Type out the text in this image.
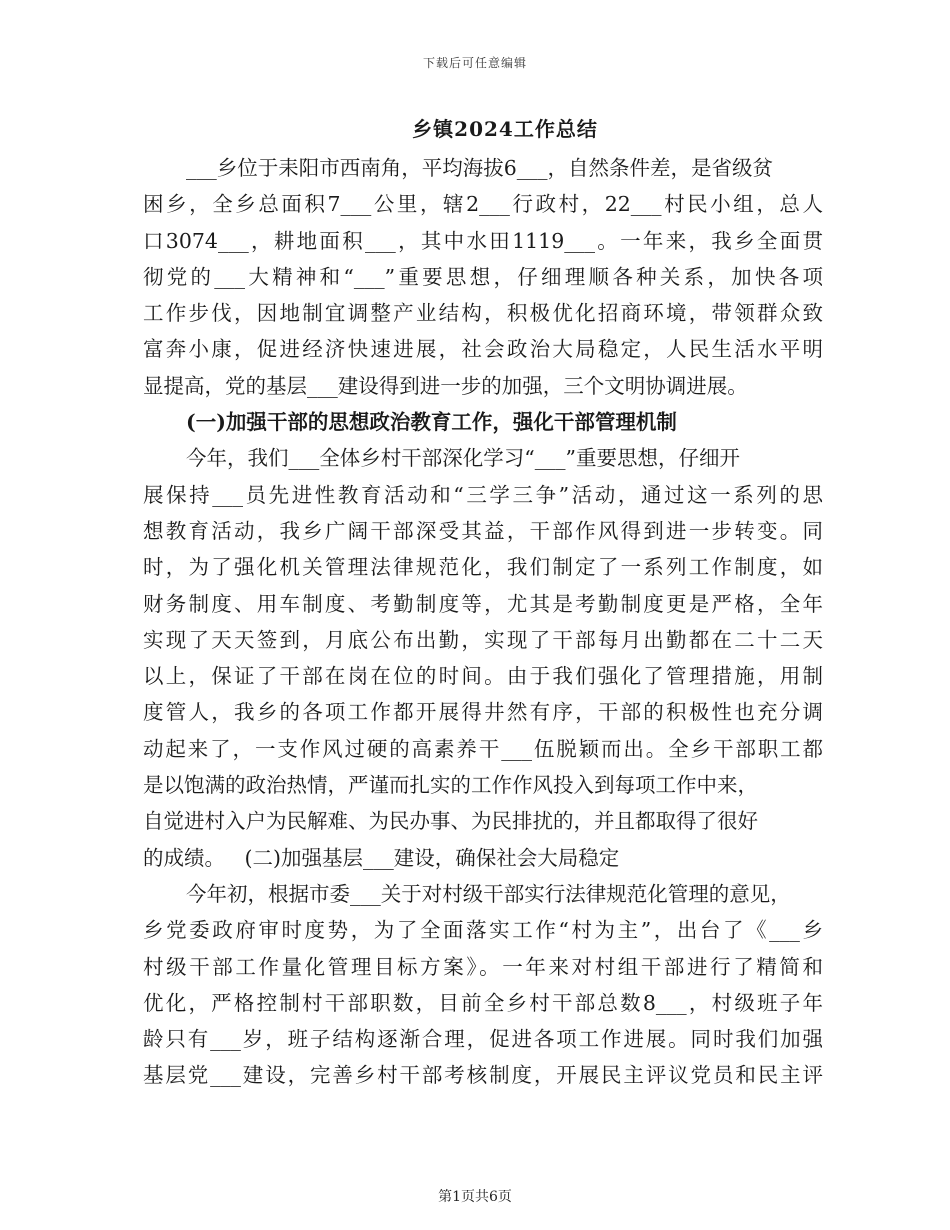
下载后可任意编辑
乡镇2024工作总结
___乡位于耒阳市西南角，平均海拔6___，自然条件差，是省级贫
困乡，全乡总面积7___公里，辖2___行政村，22___村民小组，总人
口3074___，耕地面积___，其中水田1119___。一年来，我乡全面贯
彻党的___大精神和“___”重要思想，仔细理顺各种关系，加快各项
工作步伐，因地制宜调整产业结构，积极优化招商环境，带领群众致
富奔小康，促进经济快速进展，社会政治大局稳定，人民生活水平明
显提高，党的基层___建设得到进一步的加强，三个文明协调进展。
(一)加强干部的思想政治教育工作，强化干部管理机制
今年，我们___全体乡村干部深化学习“___”重要思想，仔细开
展保持___员先进性教育活动和“三学三争”活动，通过这一系列的思
想教育活动，我乡广阔干部深受其益，干部作风得到进一步转变。同
时，为了强化机关管理法律规范化，我们制定了一系列工作制度，如
财务制度、用车制度、考勤制度等，尤其是考勤制度更是严格，全年
实现了天天签到，月底公布出勤，实现了干部每月出勤都在二十二天
以上，保证了干部在岗在位的时间。由于我们强化了管理措施，用制
度管人，我乡的各项工作都开展得井然有序，干部的积极性也充分调
动起来了，一支作风过硬的高素养干___伍脱颖而出。全乡干部职工都
是以饱满的政治热情，严谨而扎实的工作作风投入到每项工作中来，
自觉进村入户为民解难、为民办事、为民排扰的，并且都取得了很好
的成绩。   (二)加强基层___建设，确保社会大局稳定
今年初，根据市委___关于对村级干部实行法律规范化管理的意见，
乡党委政府审时度势，为了全面落实工作“村为主”，出台了《___乡
村级干部工作量化管理目标方案》。一年来对村组干部进行了精简和
优化，严格控制村干部职数，目前全乡村干部总数8___，村级班子年
龄只有___岁，班子结构逐渐合理，促进各项工作进展。同时我们加强
基层党___建设，完善乡村干部考核制度，开展民主评议党员和民主评
第1页共6页
